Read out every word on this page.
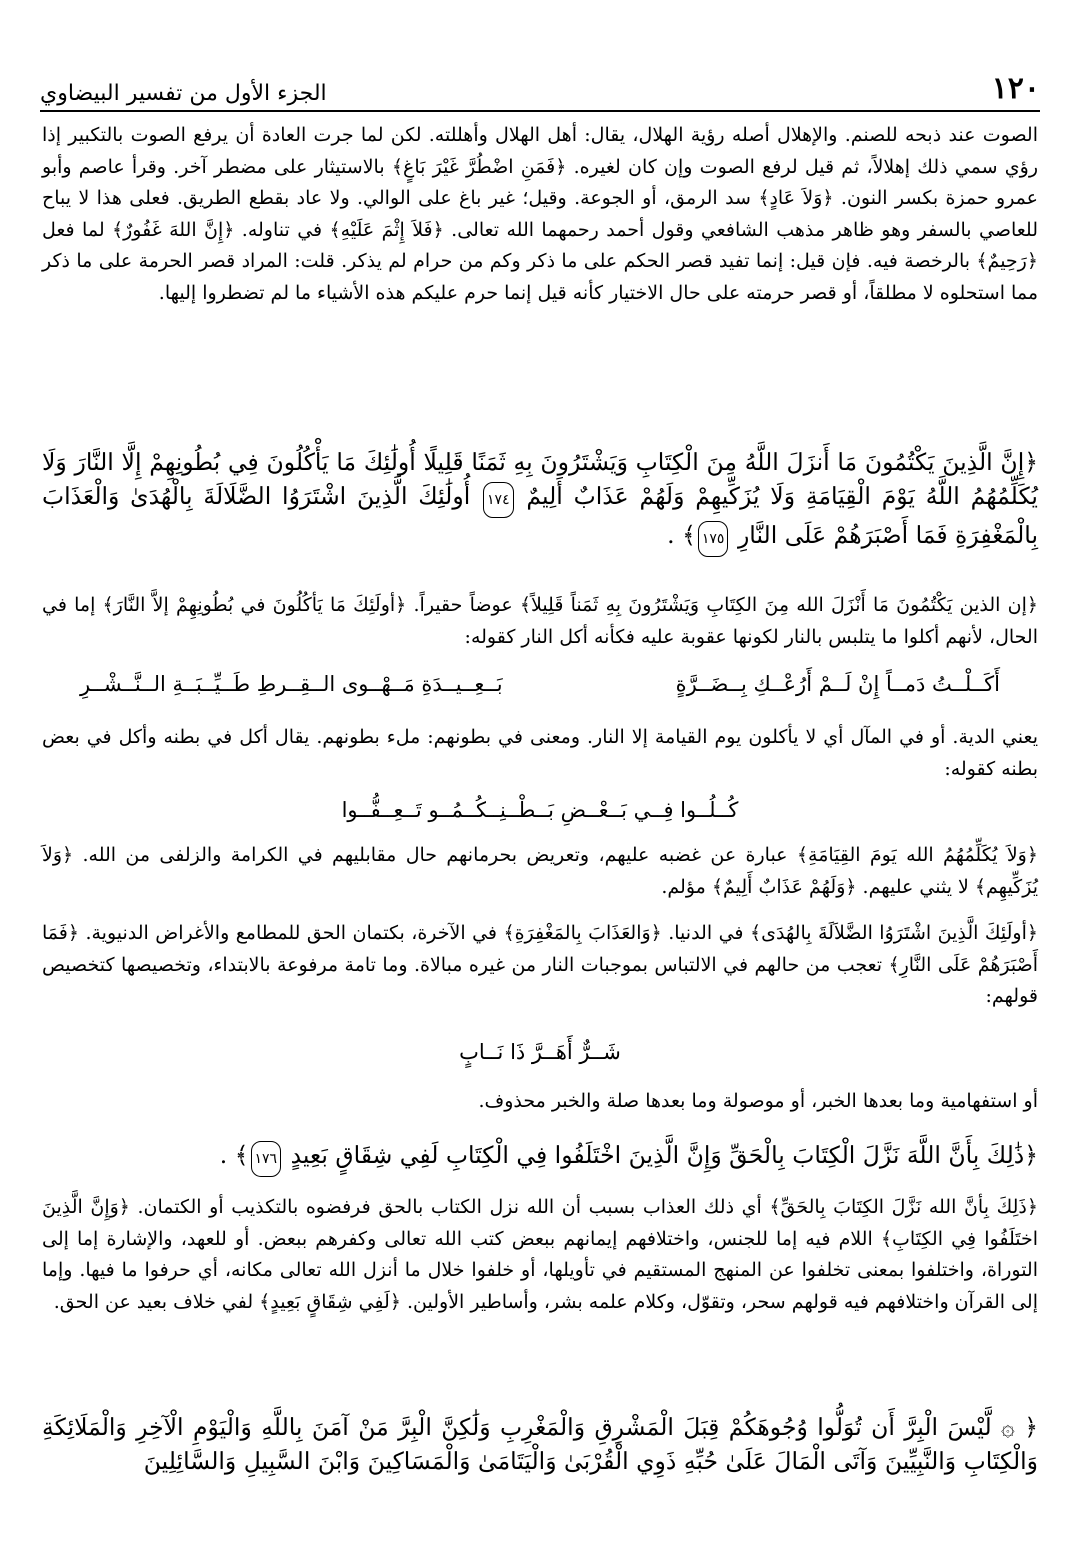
١٢٠
الجزء الأول من تفسير البيضاوي

الصوت عند ذبحه للصنم. والإهلال أصله رؤية الهلال، يقال: أهل الهلال وأهللته. لكن لما جرت العادة أن يرفع الصوت بالتكبير إذا رؤي سمي ذلك إهلالاً، ثم قيل لرفع الصوت وإن كان لغيره. ﴿فَمَنِ اضْطُرَّ غَيْرَ بَاغٍ﴾ بالاستيثار على مضطر آخر. وقرأ عاصم وأبو عمرو حمزة بكسر النون. ﴿وَلاَ عَادٍ﴾ سد الرمق، أو الجوعة. وقيل؛ غير باغ على الوالي. ولا عاد بقطع الطريق. فعلى هذا لا يباح للعاصي بالسفر وهو ظاهر مذهب الشافعي وقول أحمد رحمهما الله تعالى. ﴿فَلاَ إِثْمَ عَلَيْهِ﴾ في تناوله. ﴿إِنَّ اللهَ غَفُورٌ﴾ لما فعل ﴿رَحِيمٌ﴾ بالرخصة فيه. فإن قيل: إنما تفيد قصر الحكم على ما ذكر وكم من حرام لم يذكر. قلت: المراد قصر الحرمة على ما ذكر مما استحلوه لا مطلقاً، أو قصر حرمته على حال الاختيار كأنه قيل إنما حرم عليكم هذه الأشياء ما لم تضطروا إليها.

﴿إِنَّ الَّذِينَ يَكْتُمُونَ مَا أَنزَلَ اللَّهُ مِنَ الْكِتَابِ وَيَشْتَرُونَ بِهِ ثَمَنًا قَلِيلًا أُولَٰئِكَ مَا يَأْكُلُونَ فِي بُطُونِهِمْ إِلَّا النَّارَ وَلَا يُكَلِّمُهُمُ اللَّهُ يَوْمَ الْقِيَامَةِ وَلَا يُزَكِّيهِمْ وَلَهُمْ عَذَابٌ أَلِيمٌ ١٧٤ أُولَٰئِكَ الَّذِينَ اشْتَرَوُا الضَّلَالَةَ بِالْهُدَىٰ وَالْعَذَابَ بِالْمَغْفِرَةِ فَمَا أَصْبَرَهُمْ عَلَى النَّارِ ١٧٥﴾ .

﴿إن الذين يَكْتُمُونَ مَا أَنْزَلَ الله مِنَ الكِتَابِ وَيَشْتَرُونَ بِهِ ثَمَناً قَلِيلاً﴾ عوضاً حقيراً. ﴿أولَئِكَ مَا يَأكُلُونَ في بُطُونِهِمْ إلاَّ النَّارَ﴾ إما في الحال، لأنهم أكلوا ما يتلبس بالنار لكونها عقوبة عليه فكأنه أكل النار كقوله:

أَكَــلْــتُ دَمــاً إِنْ لَــمْ أَرُعْــكِ بِــضَــرَّةٍ
بَــعِــيــدَةِ مَــهْــوى الــقِــرطِ طَــيِّــبَــةِ الــنَّــشْــرِ

يعني الدية. أو في المآل أي لا يأكلون يوم القيامة إلا النار. ومعنى في بطونهم: ملء بطونهم. يقال أكل في بطنه وأكل في بعض بطنه كقوله:

كُــلُــوا فِــي بَــعْــضِ بَــطْــنِــكُــمُــو تَــعِــفُّــوا

﴿وَلاَ يُكَلِّمُهُمُ الله يَومَ القِيَامَةِ﴾ عبارة عن غضبه عليهم، وتعريض بحرمانهم حال مقابليهم في الكرامة والزلفى من الله. ﴿وَلاَ يُزَكِّيهِم﴾ لا يثني عليهم. ﴿وَلَهُمْ عَذَابٌ أَلِيمٌ﴾ مؤلم.

﴿أولَئِكَ الَّذِينَ اشْتَرَوُا الضَّلاَلَةَ بِالهُدَى﴾ في الدنيا. ﴿وَالعَذَابَ بِالمَغْفِرَةِ﴾ في الآخرة، بكتمان الحق للمطامع والأغراض الدنيوية. ﴿فَمَا أَصْبَرَهُمْ عَلَى النَّارِ﴾ تعجب من حالهم في الالتباس بموجبات النار من غيره مبالاة. وما تامة مرفوعة بالابتداء، وتخصيصها كتخصيص قولهم:

شَــرٌّ أَهَــرَّ ذَا نَــابٍ

أو استفهامية وما بعدها الخبر، أو موصولة وما بعدها صلة والخبر محذوف.

﴿ذَٰلِكَ بِأَنَّ اللَّهَ نَزَّلَ الْكِتَابَ بِالْحَقِّ وَإِنَّ الَّذِينَ اخْتَلَفُوا فِي الْكِتَابِ لَفِي شِقَاقٍ بَعِيدٍ ١٧٦﴾ .

﴿ذَلِكَ بِأنَّ الله نَزَّلَ الكِتَابَ بِالحَقِّ﴾ أي ذلك العذاب بسبب أن الله نزل الكتاب بالحق فرفضوه بالتكذيب أو الكتمان. ﴿وَإِنَّ الَّذِينَ اختَلَفُوا فِي الكِتَابِ﴾ اللام فيه إما للجنس، واختلافهم إيمانهم ببعض كتب الله تعالى وكفرهم ببعض. أو للعهد، والإشارة إما إلى التوراة، واختلفوا بمعنى تخلفوا عن المنهج المستقيم في تأويلها، أو خلفوا خلال ما أنزل الله تعالى مكانه، أي حرفوا ما فيها. وإما إلى القرآن واختلافهم فيه قولهم سحر، وتقوّل، وكلام علمه بشر، وأساطير الأولين. ﴿لَفِي شِقَاقٍ بَعِيدٍ﴾ لفي خلاف بعيد عن الحق.

﴿ ۞ لَّيْسَ الْبِرَّ أَن تُوَلُّوا وُجُوهَكُمْ قِبَلَ الْمَشْرِقِ وَالْمَغْرِبِ وَلَٰكِنَّ الْبِرَّ مَنْ آمَنَ بِاللَّهِ وَالْيَوْمِ الْآخِرِ وَالْمَلَائِكَةِ وَالْكِتَابِ وَالنَّبِيِّينَ وَآتَى الْمَالَ عَلَىٰ حُبِّهِ ذَوِي الْقُرْبَىٰ وَالْيَتَامَىٰ وَالْمَسَاكِينَ وَابْنَ السَّبِيلِ وَالسَّائِلِينَ
